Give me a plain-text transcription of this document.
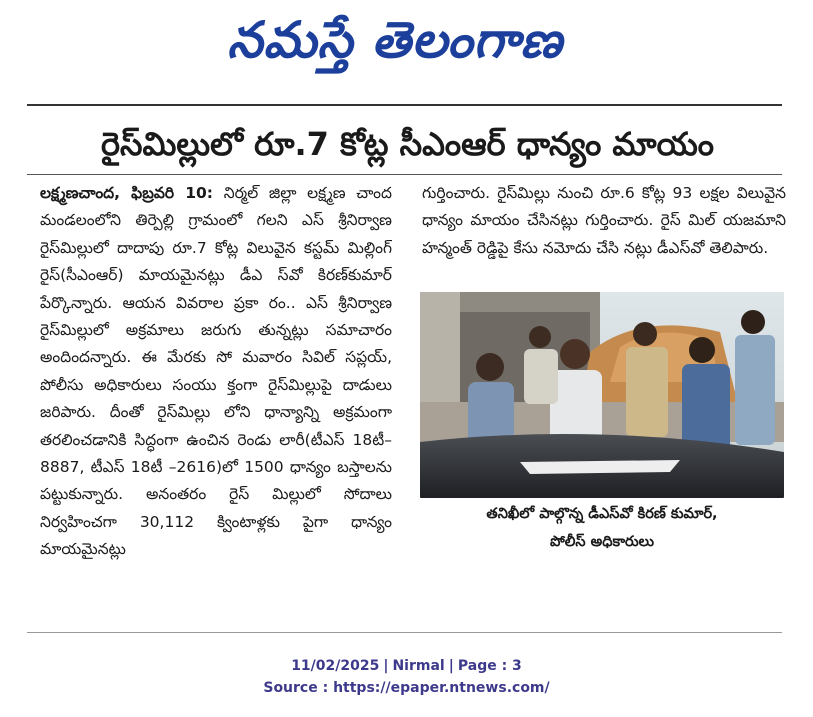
నమస్తే తెలంగాణ
రైస్‌మిల్లులో రూ.7 కోట్ల సీఎంఆర్ ధాన్యం మాయం
లక్ష్మణచాంద, ఫిబ్రవరి 10: నిర్మల్ జిల్లా లక్ష్మణ చాంద మండలంలోని తిర్పెల్లి గ్రామంలో గలని ఎస్ శ్రీనిర్వాణ రైస్‌మిల్లులో దాదాపు రూ.7 కోట్ల విలువైన కస్టమ్ మిల్లింగ్ రైస్(సీఎంఆర్) మాయమైనట్లు డీఎ స్‌వో కిరణ్‌కుమార్ పేర్కొన్నారు. ఆయన వివరాల ప్రకా రం.. ఎస్ శ్రీనిర్వాణ రైస్‌మిల్లులో అక్రమాలు జరుగు తున్నట్లు సమాచారం అందిందన్నారు. ఈ మేరకు సో మవారం సివిల్ సప్లయ్, పోలీసు అధికారులు సంయు క్తంగా రైస్‌మిల్లుపై దాడులు జరిపారు. దీంతో రైస్‌మిల్లు లోని ధాన్యాన్ని అక్రమంగా తరలించడానికి సిద్ధంగా ఉంచిన రెండు లారీ(టీఎస్ 18టీ–8887, టీఎస్ 18టీ –2616)లో 1500 ధాన్యం బస్తాలను పట్టుకున్నారు. అనంతరం రైస్ మిల్లులో సోదాలు నిర్వహించగా 30,112 క్వింటాళ్లకు పైగా ధాన్యం మాయమైనట్లు
గుర్తించారు. రైస్‌మిల్లు నుంచి రూ.6 కోట్ల 93 లక్షల విలువైన ధాన్యం మాయం చేసినట్లు గుర్తించారు. రైస్ మిల్ యజమాని హన్మంత్ రెడ్డిపై కేసు నమోదు చేసి నట్లు డీఎస్‌వో తెలిపారు.
తనిఖీలో పాల్గొన్న డీఎస్‌వో కిరణ్ కుమార్,
పోలీస్ అధికారులు
11/02/2025 | Nirmal | Page : 3
Source : https://epaper.ntnews.com/
